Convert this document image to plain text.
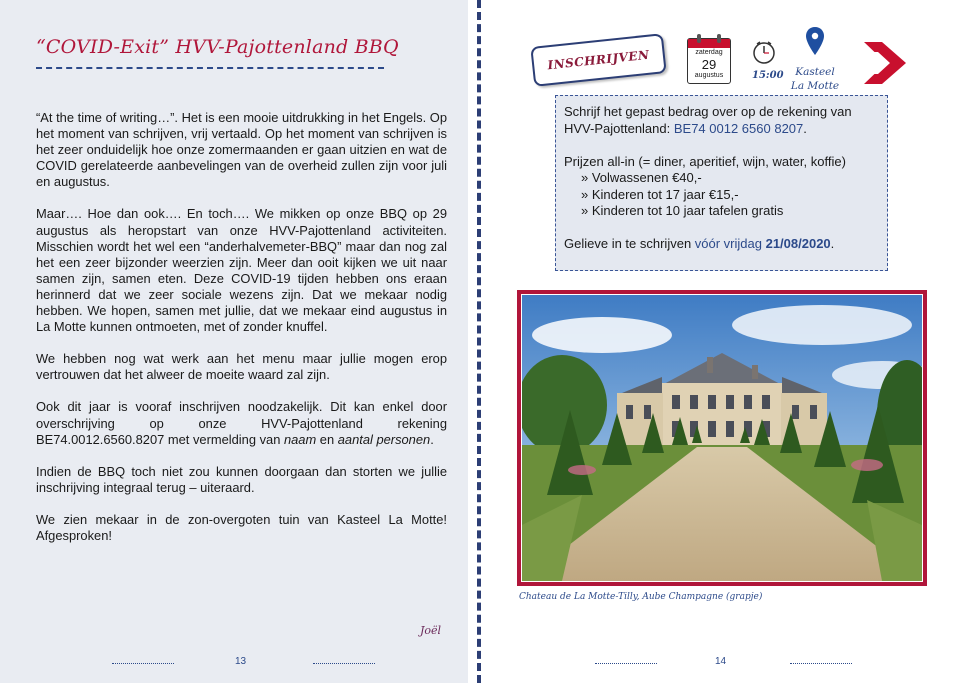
“COVID-Exit” HVV-Pajottenland BBQ

“At the time of writing…”. Het is een mooie uitdrukking in het Engels. Op het moment van schrijven, vrij vertaald. Op het moment van schrijven is het zeer onduidelijk hoe onze zomermaanden er gaan uitzien en wat de COVID gerelateerde aanbevelingen van de overheid zullen zijn voor juli en augustus.

Maar…. Hoe dan ook…. En toch…. We mikken op onze BBQ op 29 augustus als heropstart van onze HVV-Pajottenland activiteiten. Misschien wordt het wel een “anderhalvemeter-BBQ” maar dan nog zal het een zeer bijzonder weerzien zijn. Meer dan ooit kijken we uit naar samen zijn, samen eten. Deze COVID-19 tijden hebben ons eraan herinnerd dat we zeer sociale wezens zijn. Dat we mekaar nodig hebben. We hopen, samen met jullie, dat we mekaar eind augustus in La Motte kunnen ontmoeten, met of zonder knuffel.

We hebben nog wat werk aan het menu maar jullie mogen erop vertrouwen dat het alweer de moeite waard zal zijn.

Ook dit jaar is vooraf inschrijven noodzakelijk. Dit kan enkel door overschrijving op onze HVV-Pajottenland rekening BE74.0012.6560.8207 met vermelding van naam en aantal personen.

Indien de BBQ toch niet zou kunnen doorgaan dan storten we jullie inschrijving integraal terug – uiteraard.

We zien mekaar in de zon-overgoten tuin van Kasteel La Motte! Afgesproken!

Joël
13
INSCHRIJVEN	zaterdag
29
augustus	15:00	Kasteel
La Motte
Schrijf het gepast bedrag over op de rekening van
HVV-Pajottenland: BE74 0012 6560 8207.
Prijzen all-in (= diner, aperitief, wijn, water, koffie)
» Volwassenen €40,-
» Kinderen tot 17 jaar €15,-
» Kinderen tot 10 jaar tafelen gratis
Gelieve in te schrijven vóór vrijdag 21/08/2020.
Chateau de La Motte-Tilly, Aube Champagne (grapje)
14
